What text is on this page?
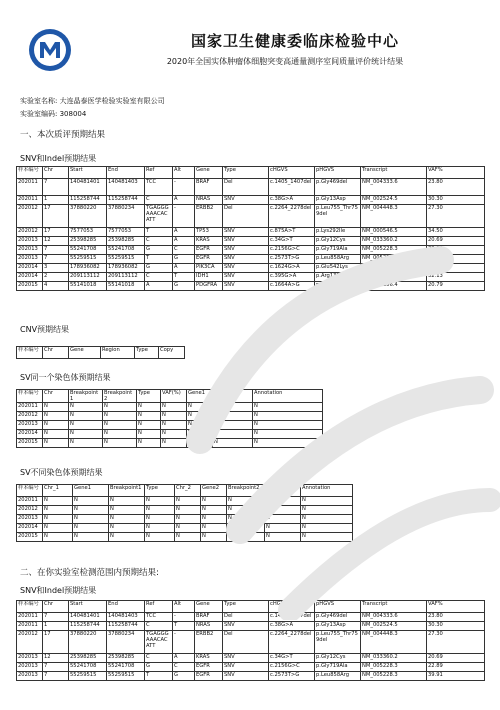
国家卫生健康委临床检验中心
2020年全国实体肿瘤体细胞突变高通量测序室间质量评价统计结果
实验室名称: 大连晶泰医学检验实验室有限公司
实验室编码: 308004
一、本次质评预期结果
SNV和Indel预期结果
样本编号	Chr	Start	End	Ref	Alt	Gene	Type	cHGVS	pHGVS	Transcript	VAF%
202011	7	140481401	140481403	TCC	-	BRAF	Del	c.1405_1407del	p.Gly469del	NM_004333.6	23.80
202011	1	115258744	115258744	C	A	NRAS	SNV	c.38G>A	p.Gly13Asp	NM_002524.5	30.30
202012	17	37880220	37880234	TGAGGGAAACACATT	-	ERBB2	Del	c.2264_2278del	p.Leu755_Thr759del	NM_004448.3	27.30
202012	17	7577053	7577053	T	A	TP53	SNV	c.875A>T	p.Lys292Ile	NM_000546.5	34.50
202013	12	25398285	25398285	C	A	KRAS	SNV	c.34G>T	p.Gly12Cys	NM_033360.2	20.69
202013	7	55241708	55241708	G	C	EGFR	SNV	c.2156G>C	p.Gly719Ala	NM_005228.3	22.89
202013	7	55259515	55259515	T	G	EGFR	SNV	c.2573T>G	p.Leu858Arg	NM_005228.3	39.91
202014	3	178936082	178936082	G	A	PIK3CA	SNV	c.1624G>A	p.Glu542Lys	NM_006218.2	34.16
202014	2	209113112	209113112	C	T	IDH1	SNV	c.395G>A	p.Arg132His	NM_005896.2	32.13
202015	4	55141018	55141018	A	G	PDGFRA	SNV	c.1664A>G	p.Tyr555Cys	NM_006206.4	20.79
CNV预期结果
样本编号	Chr	Gene	Region	Type	Copy
SV同一个染色体预期结果
样本编号	Chr	Breakpoint1	Breakpoint2	Type	VAF(%)	Gene1	Gene2	Annotation
202011	N	N	N	N	N	N	N	N
202012	N	N	N	N	N	N	N	N
202013	N	N	N	N	N	N	N	N
202014	N	N	N	N	N	N	N	N
202015	N	N	N	N	N	N	N	N
SV不同染色体预期结果
样本编号	Chr_1	Gene1	Breakpoint1	Type	Chr_2	Gene2	Breakpoint2	VAF (%)	Annotation
202011	N	N	N	N	N	N	N	N	N
202012	N	N	N	N	N	N	N	N	N
202013	N	N	N	N	N	N	N	N	N
202014	N	N	N	N	N	N	N	N	N
202015	N	N	N	N	N	N	N	N	N
二、在你实验室检测范围内预期结果:
SNV和Indel预期结果
样本编号	Chr	Start	End	Ref	Alt	Gene	Type	cHGVS	pHGVS	Transcript	VAF%
202011	7	140481401	140481403	TCC	-	BRAF	Del	c.1405_1407del	p.Gly469del	NM_004333.6	23.80
202011	1	115258744	115258744	C	T	NRAS	SNV	c.38G>A	p.Gly13Asp	NM_002524.5	30.30
202012	17	37880220	37880234	TGAGGGAAACACATT	-	ERBB2	Del	c.2264_2278del	p.Leu755_Thr759del	NM_004448.3	27.30
202013	12	25398285	25398285	C	A	KRAS	SNV	c.34G>T	p.Gly12Cys	NM_033360.2	20.69
202013	7	55241708	55241708	G	C	EGFR	SNV	c.2156G>C	p.Gly719Ala	NM_005228.3	22.89
202013	7	55259515	55259515	T	G	EGFR	SNV	c.2573T>G	p.Leu858Arg	NM_005228.3	39.91
